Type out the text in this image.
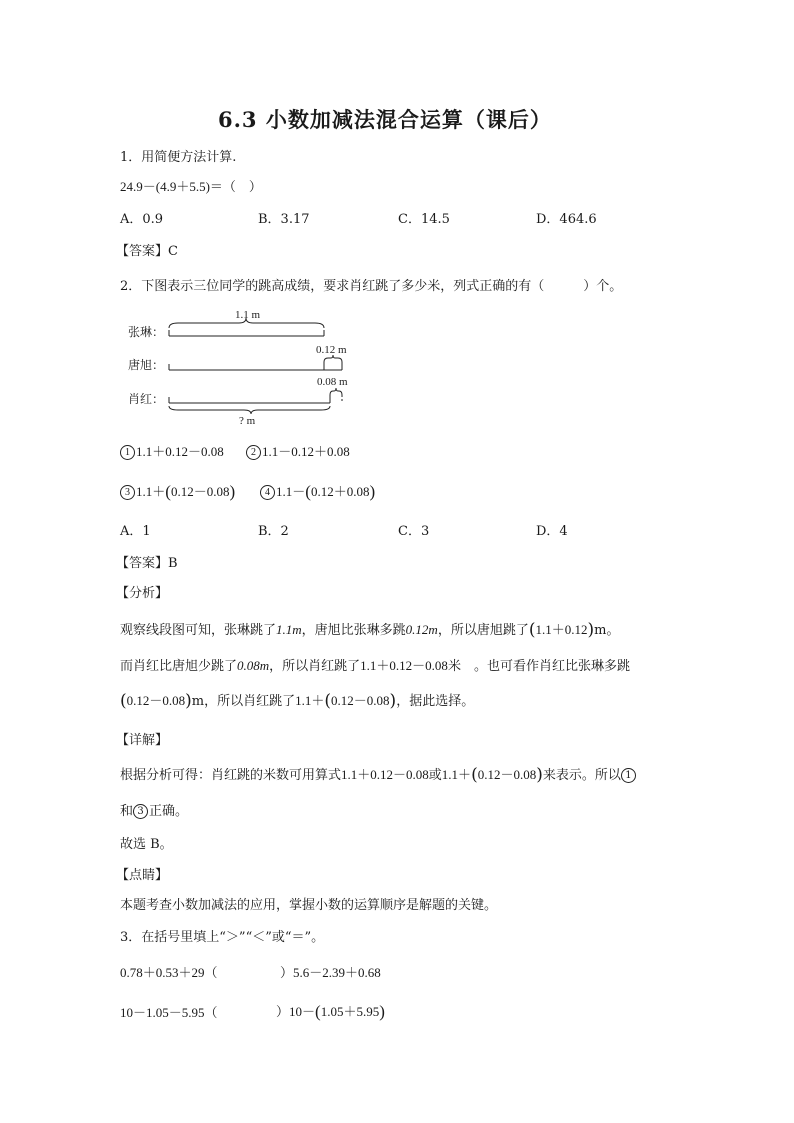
6.3 小数加减法混合运算（课后）
1．用简便方法计算.
24.9－(4.9＋5.5)＝（　）
A．0.9	B．3.17	C．14.5	D．464.6
【答案】C
2．下图表示三位同学的跳高成绩，要求肖红跳了多少米，列式正确的有（　　　）个。
张琳：
唐旭：
肖红：
1.1 m
0.12 m
0.08 m
? m
1 1.1＋0.12－0.08	2 1.1－0.12＋0.08
3 1.1＋(0.12－0.08)	4 1.1－(0.12＋0.08)
A．1	B．2	C．3	D．4
【答案】B
【分析】
观察线段图可知，张琳跳了1.1m，唐旭比张琳多跳0.12m，所以唐旭跳了(1.1＋0.12)m。
而肖红比唐旭少跳了0.08m，所以肖红跳了1.1＋0.12－0.08米　。也可看作肖红比张琳多跳
(0.12－0.08)m，所以肖红跳了1.1＋(0.12－0.08)，据此选择。
【详解】
根据分析可得：肖红跳的米数可用算式1.1＋0.12－0.08或1.1＋(0.12－0.08)来表示。所以 1
和 3 正确。
故选 B。
【点睛】
本题考查小数加减法的应用，掌握小数的运算顺序是解题的关键。
3．在括号里填上“＞”“＜”或“＝”。
0.78＋0.53＋29（	）5.6－2.39＋0.68
10－1.05－5.95（	）10－(1.05＋5.95)
